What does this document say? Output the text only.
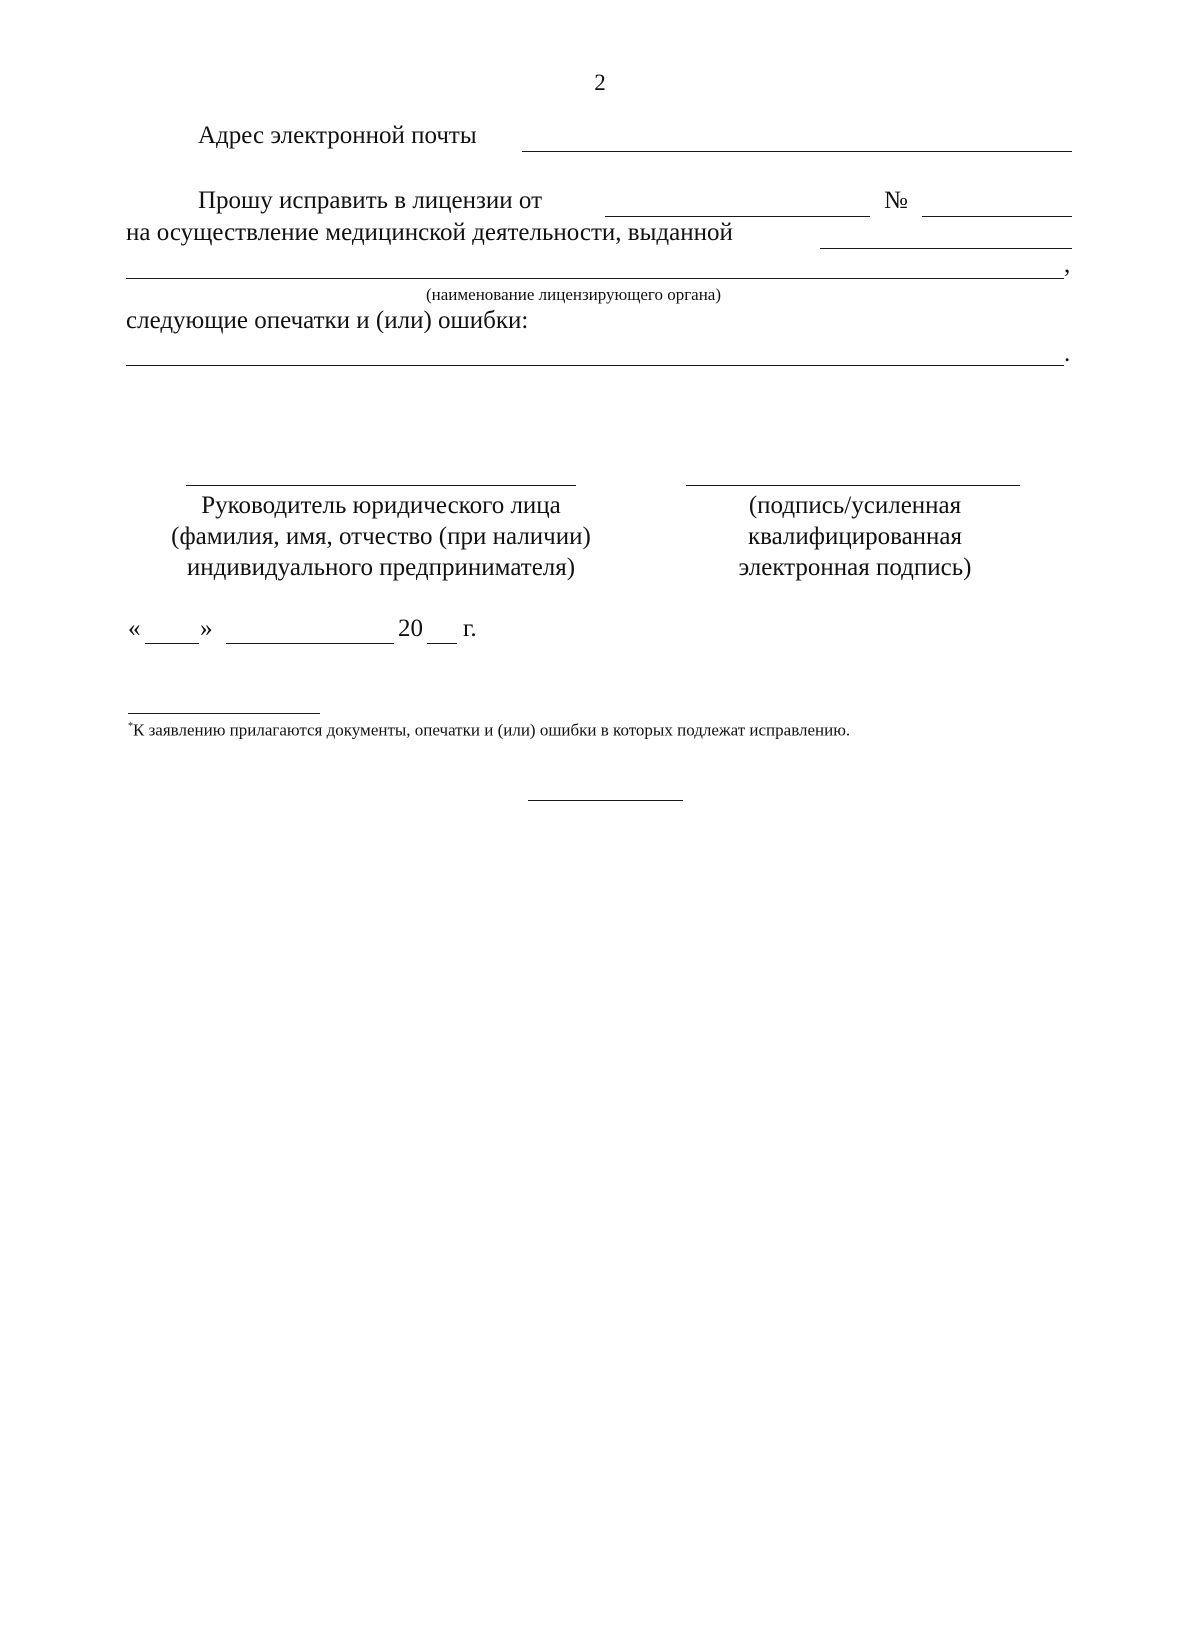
2
Адрес электронной почты
Прошу исправить в лицензии от	№
на осуществление медицинской деятельности, выданной
,
(наименование лицензирующего органа)
следующие опечатки и (или) ошибки:
.
Руководитель юридического лица
(фамилия, имя, отчество (при наличии)
индивидуального предпринимателя)
(подпись/усиленная
квалифицированная
электронная подпись)
« »	20 г.
*К заявлению прилагаются документы, опечатки и (или) ошибки в которых подлежат исправлению.
